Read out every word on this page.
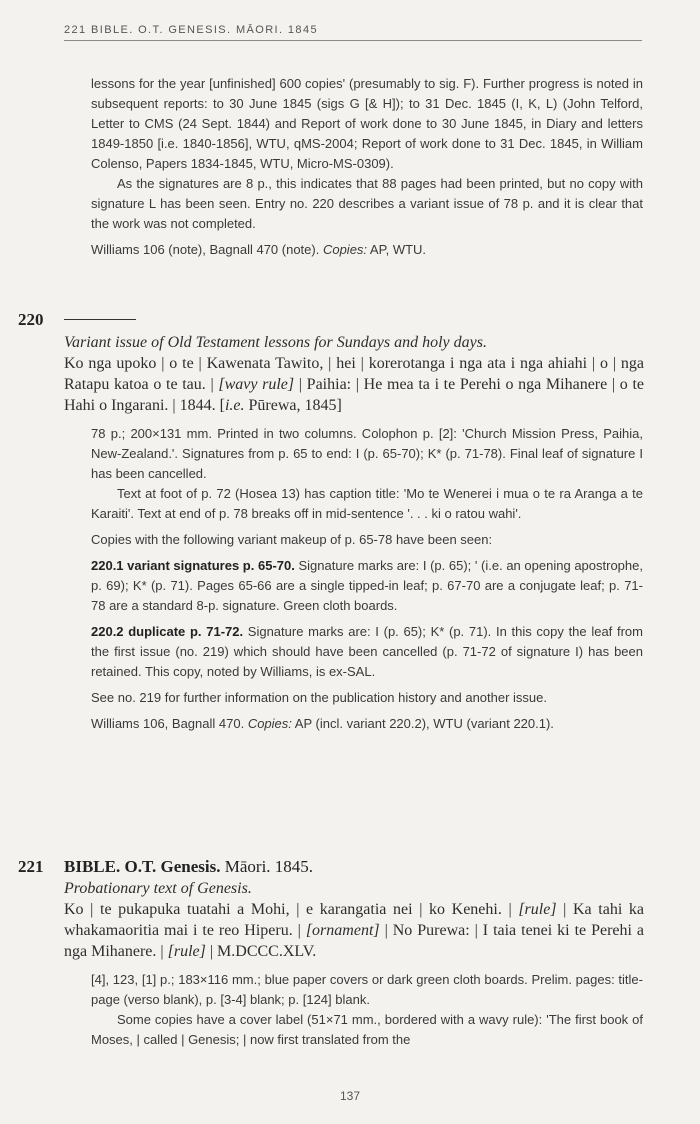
221 BIBLE. O.T. GENESIS. MĀORI. 1845

lessons for the year [unfinished] 600 copies' (presumably to sig. F). Further progress is noted in subsequent reports: to 30 June 1845 (sigs G [& H]); to 31 Dec. 1845 (I, K, L) (John Telford, Letter to CMS (24 Sept. 1844) and Report of work done to 30 June 1845, in Diary and letters 1849-1850 [i.e. 1840-1856], WTU, qMS-2004; Report of work done to 31 Dec. 1845, in William Colenso, Papers 1834-1845, WTU, Micro-MS-0309).

As the signatures are 8 p., this indicates that 88 pages had been printed, but no copy with signature L has been seen. Entry no. 220 describes a variant issue of 78 p. and it is clear that the work was not completed.

Williams 106 (note), Bagnall 470 (note). Copies: AP, WTU.

220

Variant issue of Old Testament lessons for Sundays and holy days.

Ko nga upoko | o te | Kawenata Tawito, | hei | korerotanga i nga ata i nga ahiahi | o | nga Ratapu katoa o te tau. | [wavy rule] | Paihia: | He mea ta i te Perehi o nga Mihanere | o te Hahi o Ingarani. | 1844. [i.e. Pūrewa, 1845]

78 p.; 200×131 mm. Printed in two columns. Colophon p. [2]: 'Church Mission Press, Paihia, New-Zealand.'. Signatures from p. 65 to end: I (p. 65-70); K* (p. 71-78). Final leaf of signature I has been cancelled.

Text at foot of p. 72 (Hosea 13) has caption title: 'Mo te Wenerei i mua o te ra Aranga a te Karaiti'. Text at end of p. 78 breaks off in mid-sentence '. . . ki o ratou wahi'.

Copies with the following variant makeup of p. 65-78 have been seen:

220.1 variant signatures p. 65-70. Signature marks are: I (p. 65); ' (i.e. an opening apostrophe, p. 69); K* (p. 71). Pages 65-66 are a single tipped-in leaf; p. 67-70 are a conjugate leaf; p. 71-78 are a standard 8-p. signature. Green cloth boards.

220.2 duplicate p. 71-72. Signature marks are: I (p. 65); K* (p. 71). In this copy the leaf from the first issue (no. 219) which should have been cancelled (p. 71-72 of signature I) has been retained. This copy, noted by Williams, is ex-SAL.

See no. 219 for further information on the publication history and another issue.

Williams 106, Bagnall 470. Copies: AP (incl. variant 220.2), WTU (variant 220.1).

221 BIBLE. O.T. Genesis. Māori. 1845.

Probationary text of Genesis.

Ko | te pukapuka tuatahi a Mohi, | e karangatia nei | ko Kenehi. | [rule] | Ka tahi ka whakamaoritia mai i te reo Hiperu. | [ornament] | No Purewa: | I taia tenei ki te Perehi a nga Mihanere. | [rule] | M.DCCC.XLV.

[4], 123, [1] p.; 183×116 mm.; blue paper covers or dark green cloth boards. Prelim. pages: title-page (verso blank), p. [3-4] blank; p. [124] blank.

Some copies have a cover label (51×71 mm., bordered with a wavy rule): 'The first book of Moses, | called | Genesis; | now first translated from the

137
